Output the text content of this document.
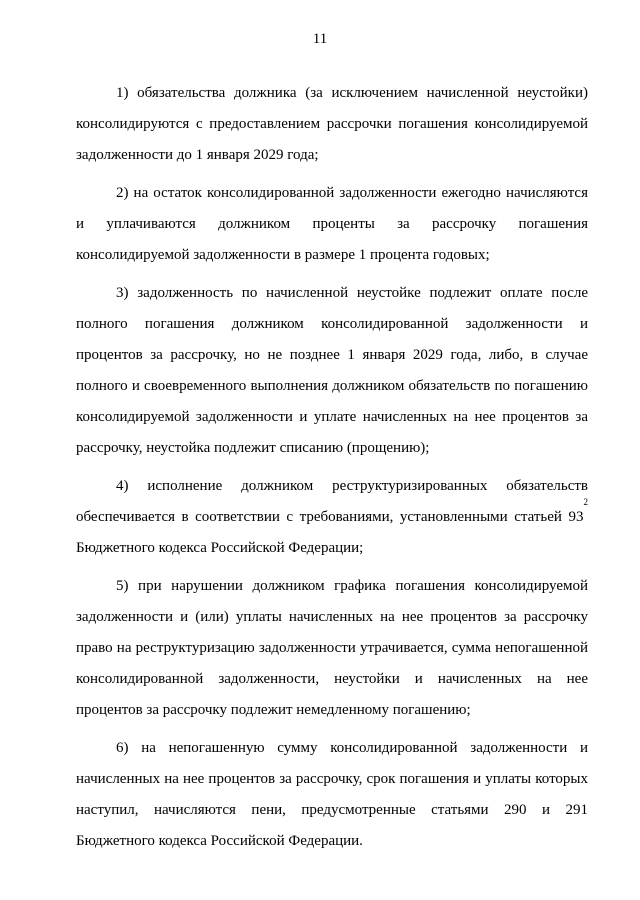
11
1) обязательства должника (за исключением начисленной неустойки)
консолидируются с предоставлением рассрочки погашения консолидируемой
задолженности до 1 января 2029 года;
2) на остаток консолидированной задолженности ежегодно начисляются
и уплачиваются должником проценты за рассрочку погашения
консолидируемой задолженности в размере 1 процента годовых;
3) задолженность по начисленной неустойке подлежит оплате после
полного погашения должником консолидированной задолженности и
процентов за рассрочку, но не позднее 1 января 2029 года, либо, в случае
полного и своевременного выполнения должником обязательств по погашению
консолидируемой задолженности и уплате начисленных на нее процентов за
рассрочку, неустойка подлежит списанию (прощению);
4) исполнение должником реструктуризированных обязательств
обеспечивается в соответствии с требованиями, установленными статьей 93
2
Бюджетного кодекса Российской Федерации;
5) при нарушении должником графика погашения консолидируемой
задолженности и (или) уплаты начисленных на нее процентов за рассрочку
право на реструктуризацию задолженности утрачивается, сумма непогашенной
консолидированной задолженности, неустойки и начисленных на нее
процентов за рассрочку подлежит немедленному погашению;
6) на непогашенную сумму консолидированной задолженности и
начисленных на нее процентов за рассрочку, срок погашения и уплаты которых
наступил, начисляются пени, предусмотренные статьями 290 и 291
Бюджетного кодекса Российской Федерации.
